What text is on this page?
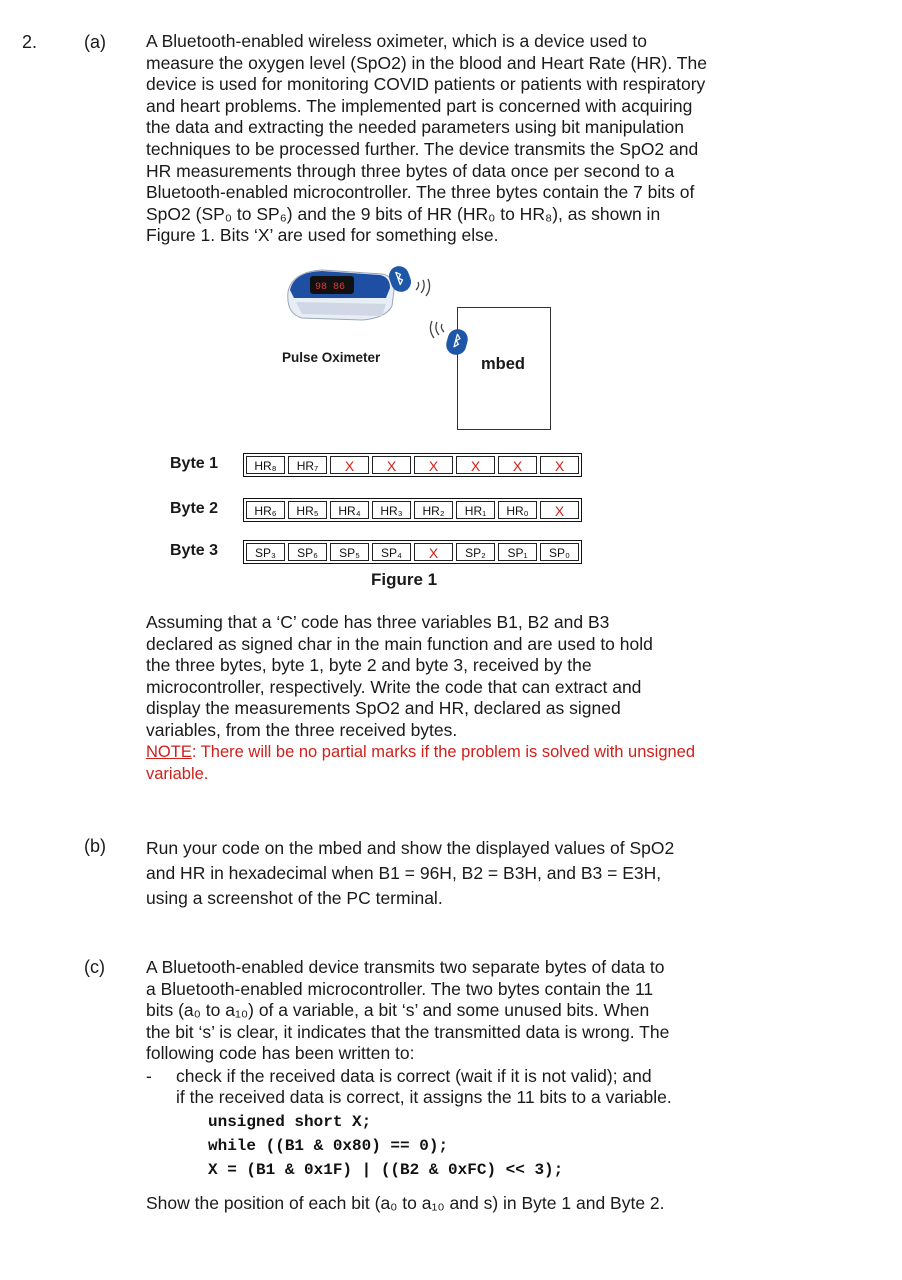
2.	(a) A Bluetooth-enabled wireless oximeter, which is a device used to
measure the oxygen level (SpO2) in the blood and Heart Rate (HR). The
device is used for monitoring COVID patients or patients with respiratory
and heart problems. The implemented part is concerned with acquiring
the data and extracting the needed parameters using bit manipulation
techniques to be processed further. The device transmits the SpO2 and
HR measurements through three bytes of data once per second to a
Bluetooth-enabled microcontroller. The three bytes contain the 7 bits of
SpO2 (SP₀ to SP₆) and the 9 bits of HR (HR₀ to HR₈), as shown in
Figure 1. Bits ‘X’ are used for something else.
98 86	ᛒ
Pulse Oximeter
ᛒ
mbed
Byte 1	HR₈	HR₇	X	X	X	X	X	X
Byte 2	HR₆	HR₅	HR₄	HR₃	HR₂	HR₁	HR₀	X
Byte 3	SP₃	SP₆	SP₅	SP₄	X	SP₂	SP₁	SP₀
Figure 1
Assuming that a ‘C’ code has three variables B1, B2 and B3
declared as signed char in the main function and are used to hold
the three bytes, byte 1, byte 2 and byte 3, received by the
microcontroller, respectively. Write the code that can extract and
display the measurements SpO2 and HR, declared as signed
variables, from the three received bytes.
NOTE: There will be no partial marks if the problem is solved with unsigned
variable.
(b) Run your code on the mbed and show the displayed values of SpO2
and HR in hexadecimal when B1 = 96H, B2 = B3H, and B3 = E3H,
using a screenshot of the PC terminal.
(c) A Bluetooth-enabled device transmits two separate bytes of data to
a Bluetooth-enabled microcontroller. The two bytes contain the 11
bits (a₀ to a₁₀) of a variable, a bit ‘s’ and some unused bits. When
the bit ‘s’ is clear, it indicates that the transmitted data is wrong. The
following code has been written to:
- check if the received data is correct (wait if it is not valid); and
if the received data is correct, it assigns the 11 bits to a variable.
unsigned short X;
while ((B1 & 0x80) == 0);
X = (B1 & 0x1F) | ((B2 & 0xFC) << 3);
Show the position of each bit (a₀ to a₁₀ and s) in Byte 1 and Byte 2.
